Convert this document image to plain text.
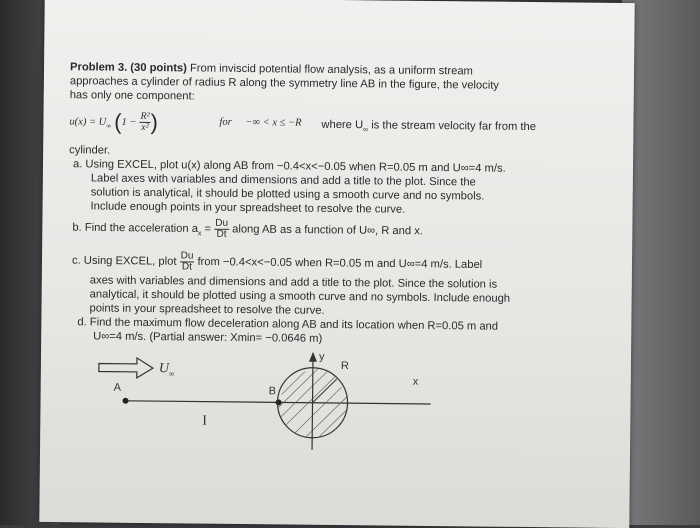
Problem 3. (30 points) From inviscid potential flow analysis, as a uniform stream
approaches a cylinder of radius R along the symmetry line AB in the figure, the velocity
has only one component:
$u(x) = U_\infty$ ($1 - \frac{\text{R²}}{\text{x²}}$ )	for −∞ < x ≤ −R where $U_\infty$ is the stream velocity far from the
cylinder.
a. Using EXCEL, plot u(x) along AB from −0.4<x<−0.05 when R=0.05 m and U∞=4 m/s.
Label axes with variables and dimensions and add a title to the plot. Since the
solution is analytical, it should be plotted using a smooth curve and no symbols.
Include enough points in your spreadsheet to resolve the curve.
b. Find the acceleration $a_x = \frac{Du}{Dt}$ along AB as a function of U∞, R and x.
c. Using EXCEL, plot $\frac{Du}{Dt}$ from −0.4<x<−0.05 when R=0.05 m and U∞=4 m/s. Label
axes with variables and dimensions and add a title to the plot. Since the solution is
analytical, it should be plotted using a smooth curve and no symbols. Include enough
points in your spreadsheet to resolve the curve.
d. Find the maximum flow deceleration along AB and its location when R=0.05 m and
U∞=4 m/s. (Partial answer: Xmin= −0.0646 m)
U ∞
A	B
y
R
x
I
